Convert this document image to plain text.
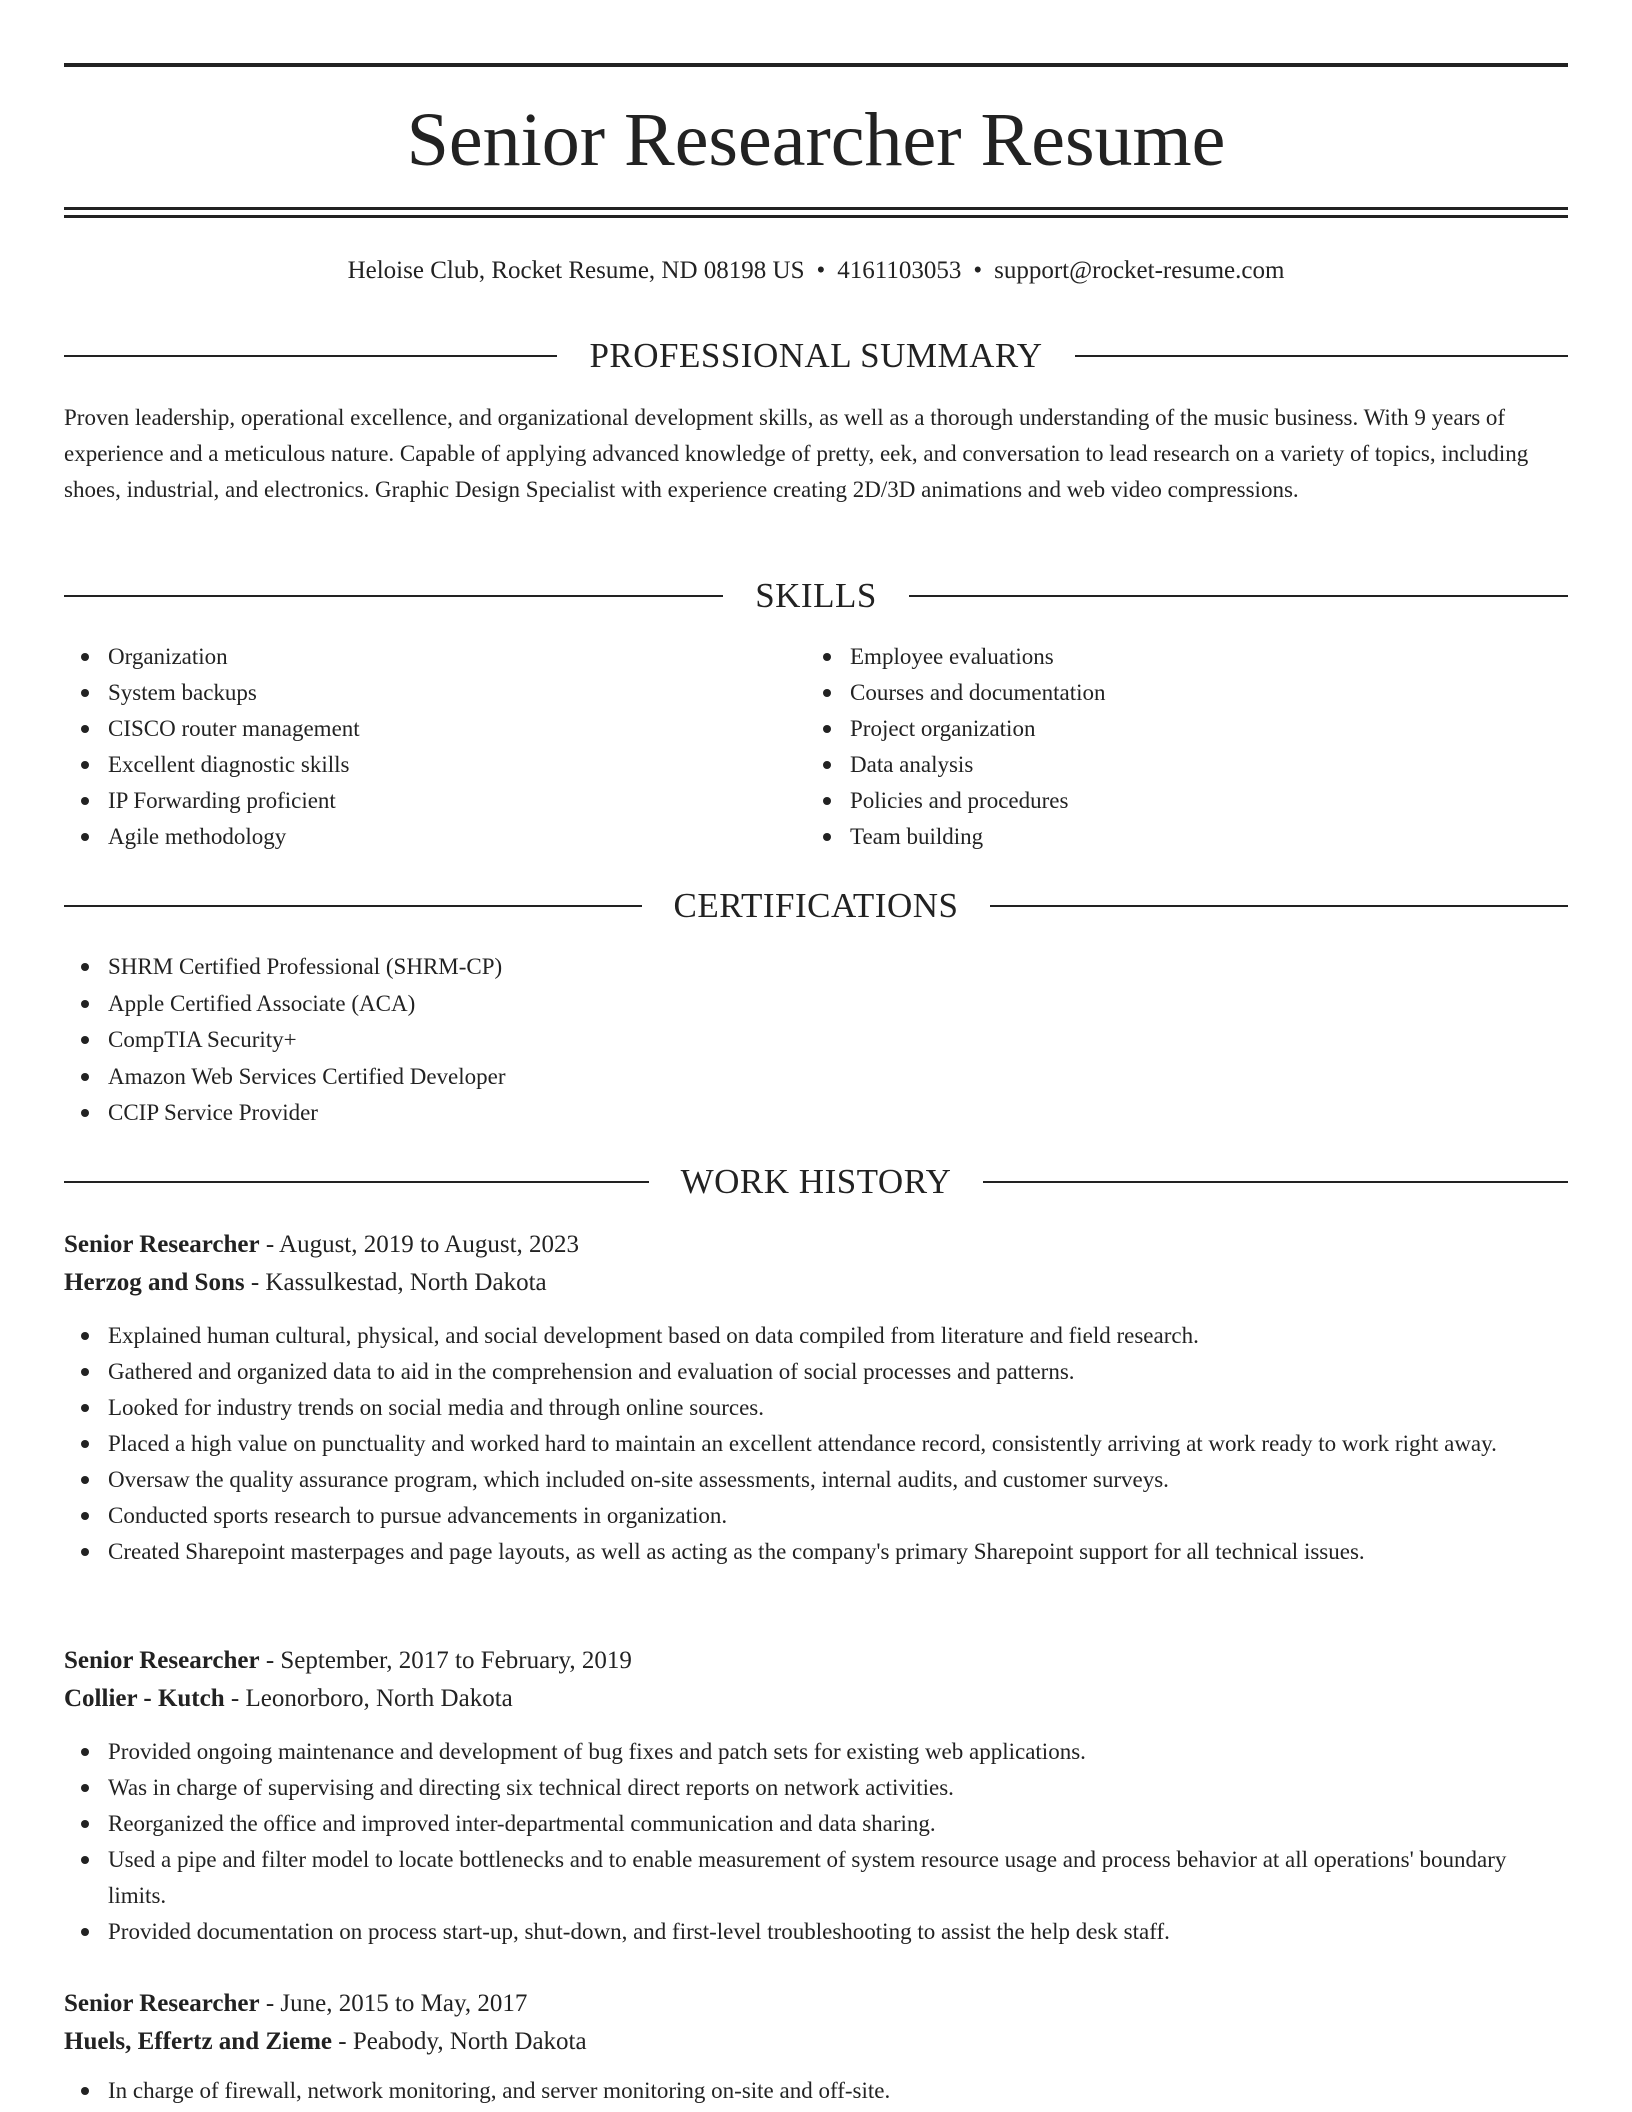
Senior Researcher Resume
Heloise Club, Rocket Resume, ND 08198 US • 4161103053 • support@rocket-resume.com
PROFESSIONAL SUMMARY

Proven leadership, operational excellence, and organizational development skills, as well as a thorough understanding of the music business. With 9 years of experience and a meticulous nature. Capable of applying advanced knowledge of pretty, eek, and conversation to lead research on a variety of topics, including shoes, industrial, and electronics. Graphic Design Specialist with experience creating 2D/3D animations and web video compressions.

SKILLS
Organization
System backups
CISCO router management
Excellent diagnostic skills
IP Forwarding proficient
Agile methodology
Employee evaluations
Courses and documentation
Project organization
Data analysis
Policies and procedures
Team building
CERTIFICATIONS
SHRM Certified Professional (SHRM-CP)
Apple Certified Associate (ACA)
CompTIA Security+
Amazon Web Services Certified Developer
CCIP Service Provider
WORK HISTORY
Senior Researcher - August, 2019 to August, 2023
Herzog and Sons - Kassulkestad, North Dakota
Explained human cultural, physical, and social development based on data compiled from literature and field research.
Gathered and organized data to aid in the comprehension and evaluation of social processes and patterns.
Looked for industry trends on social media and through online sources.
Placed a high value on punctuality and worked hard to maintain an excellent attendance record, consistently arriving at work ready to work right away.
Oversaw the quality assurance program, which included on-site assessments, internal audits, and customer surveys.
Conducted sports research to pursue advancements in organization.
Created Sharepoint masterpages and page layouts, as well as acting as the company's primary Sharepoint support for all technical issues.
Senior Researcher - September, 2017 to February, 2019
Collier - Kutch - Leonorboro, North Dakota
Provided ongoing maintenance and development of bug fixes and patch sets for existing web applications.
Was in charge of supervising and directing six technical direct reports on network activities.
Reorganized the office and improved inter-departmental communication and data sharing.
Used a pipe and filter model to locate bottlenecks and to enable measurement of system resource usage and process behavior at all operations' boundary limits.
Provided documentation on process start-up, shut-down, and first-level troubleshooting to assist the help desk staff.
Senior Researcher - June, 2015 to May, 2017
Huels, Effertz and Zieme - Peabody, North Dakota
In charge of firewall, network monitoring, and server monitoring on-site and off-site.
